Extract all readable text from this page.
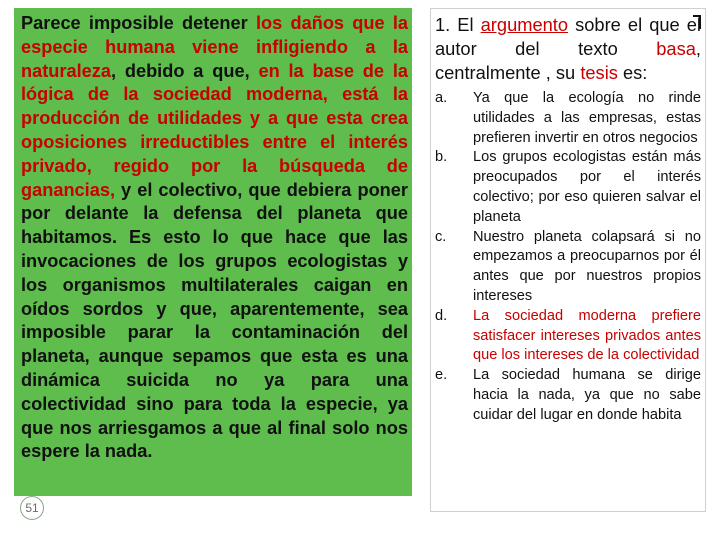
Parece imposible detener los daños que la especie humana viene infligiendo a la naturaleza, debido a que, en la base de la lógica de la sociedad moderna, está la producción de utilidades y a que esta crea oposiciones irreductibles entre el interés privado, regido por la búsqueda de ganancias, y el colectivo, que debiera poner por delante la defensa del planeta que habitamos. Es esto lo que hace que las invocaciones de los grupos ecologistas y los organismos multilaterales caigan en oídos sordos y que, aparentemente, sea imposible parar la contaminación del planeta, aunque sepamos que esta es una dinámica suicida no ya para una colectividad sino para toda la especie, ya que nos arriesgamos a que al final solo nos espere la nada.

51

1. El argumento sobre el que el autor del texto basa, centralmente , su tesis es:

a.	Ya que la ecología no rinde utilidades a las empresas, estas prefieren invertir en otros negocios
b.	Los grupos ecologistas están más preocupados por el interés colectivo; por eso quieren salvar el planeta
c.	Nuestro planeta colapsará si no empezamos a preocuparnos por él antes que por nuestros propios intereses
d.	La sociedad moderna prefiere satisfacer intereses privados antes que los intereses de la colectividad
e.	La sociedad humana se dirige hacia la nada, ya que no sabe cuidar del lugar en donde habita
